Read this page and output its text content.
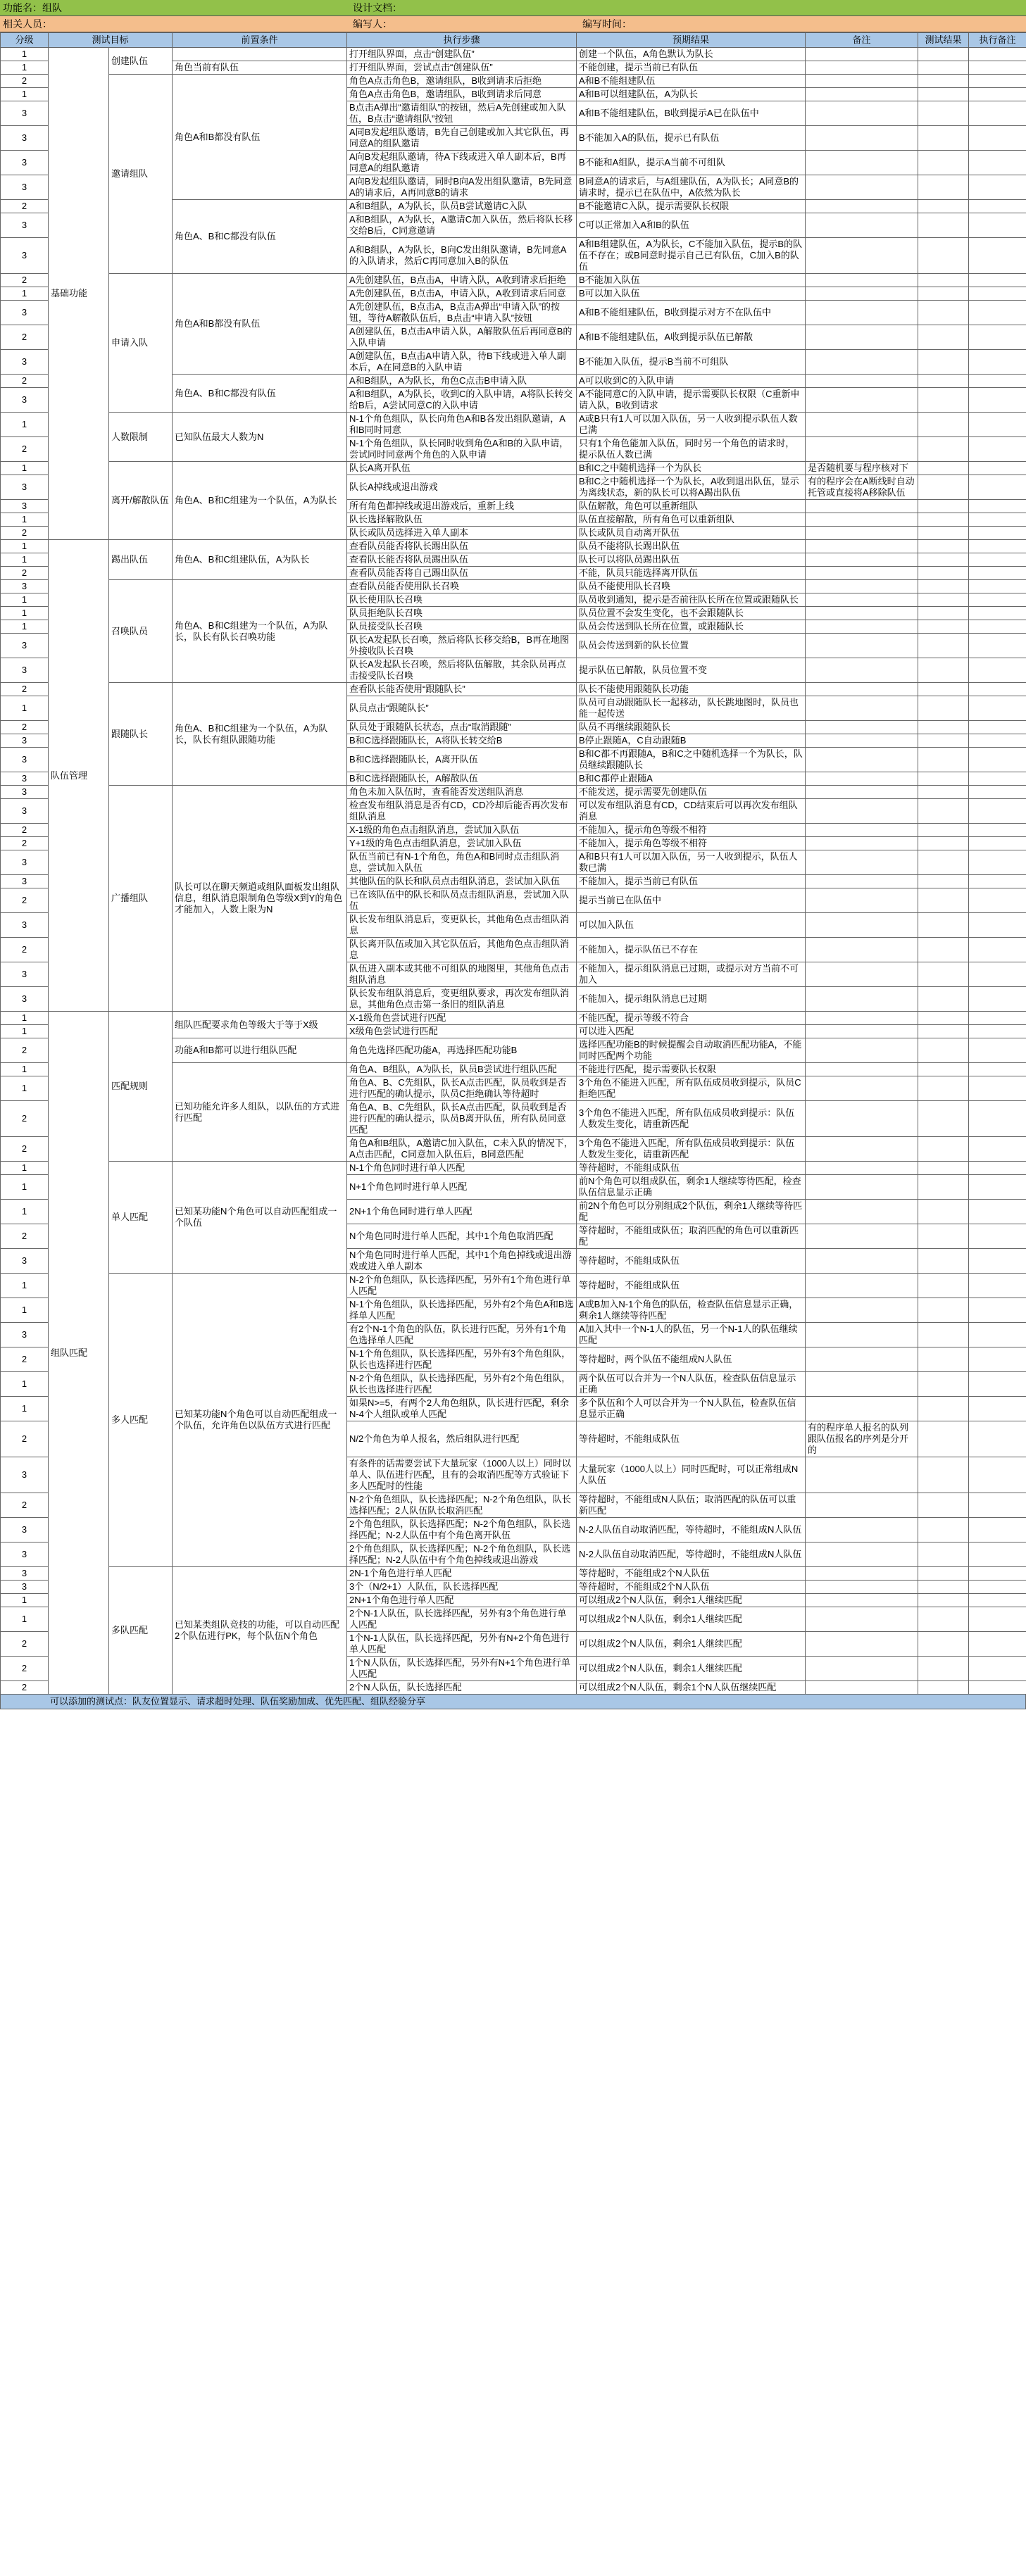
功能名：组队	设计文档：
相关人员：	编写人：	编写时间：
分级	测试目标		前置条件	执行步骤	预期结果	备注	测试结果	执行备注
1	基础功能	创建队伍		打开组队界面，点击“创建队伍”	创建一个队伍，A角色默认为队长			
1			角色当前有队伍	打开组队界面，尝试点击“创建队伍”	不能创建，提示当前已有队伍			
2		邀请组队	角色A和B都没有队伍	角色A点击角色B，邀请组队，B收到请求后拒绝	A和B不能组建队伍			
1				角色A点击角色B，邀请组队，B收到请求后同意	A和B可以组建队伍，A为队长			
3				B点击A弹出“邀请组队”的按钮，然后A先创建或加入队伍，B点击“邀请组队”按钮	A和B不能组建队伍，B收到提示A已在队伍中			
3				A同B发起组队邀请，B先自己创建或加入其它队伍，再同意A的组队邀请	B不能加入A的队伍，提示已有队伍			
3				A向B发起组队邀请，待A下线或进入单人副本后，B再同意A的组队邀请	B不能和A组队，提示A当前不可组队			
3				A向B发起组队邀请，同时B向A发出组队邀请，B先同意A的请求后，A再同意B的请求	B同意A的请求后，与A组建队伍，A为队长；A同意B的请求时，提示已在队伍中，A依然为队长			
2			角色A、B和C都没有队伍	A和B组队，A为队长，队员B尝试邀请C入队	B不能邀请C入队，提示需要队长权限			
3				A和B组队，A为队长，A邀请C加入队伍，然后将队长移交给B后，C同意邀请	C可以正常加入A和B的队伍			
3				A和B组队，A为队长，B向C发出组队邀请，B先同意A的入队请求，然后C再同意加入B的队伍	A和B组建队伍，A为队长，C不能加入队伍，提示B的队伍不存在；或B同意时提示自己已有队伍，C加入B的队伍			
2		申请入队	角色A和B都没有队伍	A先创建队伍，B点击A，申请入队，A收到请求后拒绝	B不能加入队伍			
1				A先创建队伍，B点击A，申请入队，A收到请求后同意	B可以加入队伍			
3				A先创建队伍，B点击A，B点击A弹出“申请入队”的按钮，等待A解散队伍后，B点击“申请入队”按钮	A和B不能组建队伍，B收到提示对方不在队伍中			
2				A创建队伍，B点击A申请入队，A解散队伍后再同意B的入队申请	A和B不能组建队伍，A收到提示队伍已解散			
3				A创建队伍，B点击A申请入队，待B下线或进入单人副本后，A在同意B的入队申请	B不能加入队伍，提示B当前不可组队			
2			角色A、B和C都没有队伍	A和B组队，A为队长，角色C点击B申请入队	A可以收到C的入队申请			
3				A和B组队，A为队长，收到C的入队申请，A将队长转交给B后，A尝试同意C的入队申请	A不能同意C的入队申请，提示需要队长权限（C重新申请入队，B收到请求			
1		人数限制	已知队伍最大人数为N	N-1个角色组队，队长向角色A和B各发出组队邀请，A和B同时同意	A或B只有1人可以加入队伍，另一人收到提示队伍人数已满			
2				N-1个角色组队，队长同时收到角色A和B的入队申请，尝试同时同意两个角色的入队申请	只有1个角色能加入队伍，同时另一个角色的请求时，提示队伍人数已满			
1		离开/解散队伍	角色A、B和C组建为一个队伍，A为队长	队长A离开队伍	B和C之中随机选择一个为队长	是否随机要与程序核对下		
3				队长A掉线或退出游戏	B和C之中随机选择一个为队长，A收到退出队伍，显示为离线状态，新的队长可以将A踢出队伍	有的程序会在A断线时自动托管或直接将A移除队伍		
3				所有角色都掉线或退出游戏后，重新上线	队伍解散，角色可以重新组队			
1				队长选择解散队伍	队伍直接解散，所有角色可以重新组队			
2				队长或队员选择进入单人副本	队长或队员自动离开队伍			
1	队伍管理	踢出队伍	角色A、B和C组建队伍，A为队长	查看队员能否将队长踢出队伍	队员不能将队长踢出队伍			
1				查看队长能否将队员踢出队伍	队长可以将队员踢出队伍			
2				查看队员能否将自己踢出队伍	不能，队员只能选择离开队伍			
3		召唤队员	角色A、B和C组建为一个队伍，A为队长，队长有队长召唤功能	查看队员能否使用队长召唤	队员不能使用队长召唤			
1				队长使用队长召唤	队员收到通知，提示是否前往队长所在位置或跟随队长			
1				队员拒绝队长召唤	队员位置不会发生变化，也不会跟随队长			
1				队员接受队长召唤	队员会传送到队长所在位置，或跟随队长			
3				队长A发起队长召唤，然后将队长移交给B，B再在地图外接收队长召唤	队员会传送到新的队长位置			
3				队长A发起队长召唤，然后将队伍解散，其余队员再点击接受队长召唤	提示队伍已解散，队员位置不变			
2		跟随队长	角色A、B和C组建为一个队伍，A为队长，队长有组队跟随功能	查看队长能否使用“跟随队长”	队长不能使用跟随队长功能			
1				队员点击“跟随队长”	队员可自动跟随队长一起移动，队长跳地图时，队员也能一起传送			
2				队员处于跟随队长状态，点击“取消跟随”	队员不再继续跟随队长			
3				B和C选择跟随队长，A将队长转交给B	B停止跟随A，C自动跟随B			
3				B和C选择跟随队长，A离开队伍	B和C都不再跟随A，B和C之中随机选择一个为队长，队员继续跟随队长			
3				B和C选择跟随队长，A解散队伍	B和C都停止跟随A			
3		广播组队	队长可以在聊天频道或组队面板发出组队信息，组队消息限制角色等级X到Y的角色才能加入，人数上限为N	角色未加入队伍时，查看能否发送组队消息	不能发送，提示需要先创建队伍			
3				检查发布组队消息是否有CD，CD冷却后能否再次发布组队消息	可以发布组队消息有CD，CD结束后可以再次发布组队消息			
2				X-1级的角色点击组队消息，尝试加入队伍	不能加入，提示角色等级不相符			
2				Y+1级的角色点击组队消息，尝试加入队伍	不能加入，提示角色等级不相符			
3				队伍当前已有N-1个角色，角色A和B同时点击组队消息，尝试加入队伍	A和B只有1人可以加入队伍，另一人收到提示，队伍人数已满			
3				其他队伍的队长和队员点击组队消息，尝试加入队伍	不能加入，提示当前已有队伍			
2				已在该队伍中的队长和队员点击组队消息，尝试加入队伍	提示当前已在队伍中			
3				队长发布组队消息后，变更队长，其他角色点击组队消息	可以加入队伍			
2				队长离开队伍或加入其它队伍后，其他角色点击组队消息	不能加入，提示队伍已不存在			
3				队伍进入副本或其他不可组队的地图里，其他角色点击组队消息	不能加入，提示组队消息已过期，或提示对方当前不可加入			
3				队长发布组队消息后，变更组队要求，再次发布组队消息，其他角色点击第一条旧的组队消息	不能加入，提示组队消息已过期			
1	组队匹配	匹配规则	组队匹配要求角色等级大于等于X级	X-1级角色尝试进行匹配	不能匹配，提示等级不符合			
1				X级角色尝试进行匹配	可以进入匹配			
2			功能A和B都可以进行组队匹配	角色先选择匹配功能A，再选择匹配功能B	选择匹配功能B的时候提醒会自动取消匹配功能A，不能同时匹配两个功能			
1			已知功能允许多人组队，以队伍的方式进行匹配	角色A、B组队，A为队长，队员B尝试进行组队匹配	不能进行匹配，提示需要队长权限			
1				角色A、B、C先组队，队长A点击匹配，队员收到是否进行匹配的确认提示，队员C拒绝确认等待超时	3个角色不能进入匹配，所有队伍成员收到提示，队员C拒绝匹配			
2				角色A、B、C先组队，队长A点击匹配，队员收到是否进行匹配的确认提示，队员B离开队伍，所有队员同意匹配	3个角色不能进入匹配，所有队伍成员收到提示：队伍人数发生变化，请重新匹配			
2				角色A和B组队，A邀请C加入队伍，C未入队的情况下，A点击匹配，C同意加入队伍后，B同意匹配	3个角色不能进入匹配，所有队伍成员收到提示：队伍人数发生变化，请重新匹配			
1		单人匹配	已知某功能N个角色可以自动匹配组成一个队伍	N-1个角色同时进行单人匹配	等待超时，不能组成队伍			
1				N+1个角色同时进行单人匹配	前N个角色可以组成队伍，剩余1人继续等待匹配，检查队伍信息显示正确			
1				2N+1个角色同时进行单人匹配	前2N个角色可以分别组成2个队伍，剩余1人继续等待匹配			
2				N个角色同时进行单人匹配，其中1个角色取消匹配	等待超时，不能组成队伍；取消匹配的角色可以重新匹配			
3				N个角色同时进行单人匹配，其中1个角色掉线或退出游戏或进入单人副本	等待超时，不能组成队伍			
1		多人匹配	已知某功能N个角色可以自动匹配组成一个队伍，允许角色以队伍方式进行匹配	N-2个角色组队，队长选择匹配，另外有1个角色进行单人匹配	等待超时，不能组成队伍			
1				N-1个角色组队，队长选择匹配，另外有2个角色A和B选择单人匹配	A或B加入N-1个角色的队伍，检查队伍信息显示正确，剩余1人继续等待匹配			
3				有2个N-1个角色的队伍，队长进行匹配，另外有1个角色选择单人匹配	A加入其中一个N-1人的队伍，另一个N-1人的队伍继续匹配			
2				N-1个角色组队，队长选择匹配，另外有3个角色组队，队长也选择进行匹配	等待超时，两个队伍不能组成N人队伍			
1				N-2个角色组队，队长选择匹配，另外有2个角色组队，队长也选择进行匹配	两个队伍可以合并为一个N人队伍，检查队伍信息显示正确			
1				如果N>=5，有两个2人角色组队，队长进行匹配，剩余N-4个人组队或单人匹配	多个队伍和个人可以合并为一个N人队伍，检查队伍信息显示正确			
2				N/2个角色为单人报名，然后组队进行匹配	等待超时，不能组成队伍	有的程序单人报名的队列跟队伍报名的序列是分开的		
3				有条件的话需要尝试下大量玩家（1000人以上）同时以单人、队伍进行匹配，且有的会取消匹配等方式验证下多人匹配时的性能	大量玩家（1000人以上）同时匹配时，可以正常组成N人队伍			
2				N-2个角色组队，队长选择匹配；N-2个角色组队，队长选择匹配；2人队伍队长取消匹配	等待超时，不能组成N人队伍；取消匹配的队伍可以重新匹配			
3				2个角色组队，队长选择匹配；N-2个角色组队，队长选择匹配；N-2人队伍中有个角色离开队伍	N-2人队伍自动取消匹配，等待超时，不能组成N人队伍			
3				2个角色组队，队长选择匹配；N-2个角色组队，队长选择匹配；N-2人队伍中有个角色掉线或退出游戏	N-2人队伍自动取消匹配，等待超时，不能组成N人队伍			
3		多队匹配	已知某类组队竞技的功能，可以自动匹配2个队伍进行PK，每个队伍N个角色	2N-1个角色进行单人匹配	等待超时，不能组成2个N人队伍			
3				3个（N/2+1）人队伍，队长选择匹配	等待超时，不能组成2个N人队伍			
1				2N+1个角色进行单人匹配	可以组成2个N人队伍，剩余1人继续匹配			
1				2个N-1人队伍，队长选择匹配，另外有3个角色进行单人匹配	可以组成2个N人队伍，剩余1人继续匹配			
2				1个N-1人队伍，队长选择匹配，另外有N+2个角色进行单人匹配	可以组成2个N人队伍，剩余1人继续匹配			
2				1个N人队伍，队长选择匹配，另外有N+1个角色进行单人匹配	可以组成2个N人队伍，剩余1人继续匹配			
2				2个N人队伍，队长选择匹配	可以组成2个N人队伍，剩余1个N人队伍继续匹配			
可以添加的测试点：队友位置显示、请求超时处理、队伍奖励加成、优先匹配、组队经验分享
